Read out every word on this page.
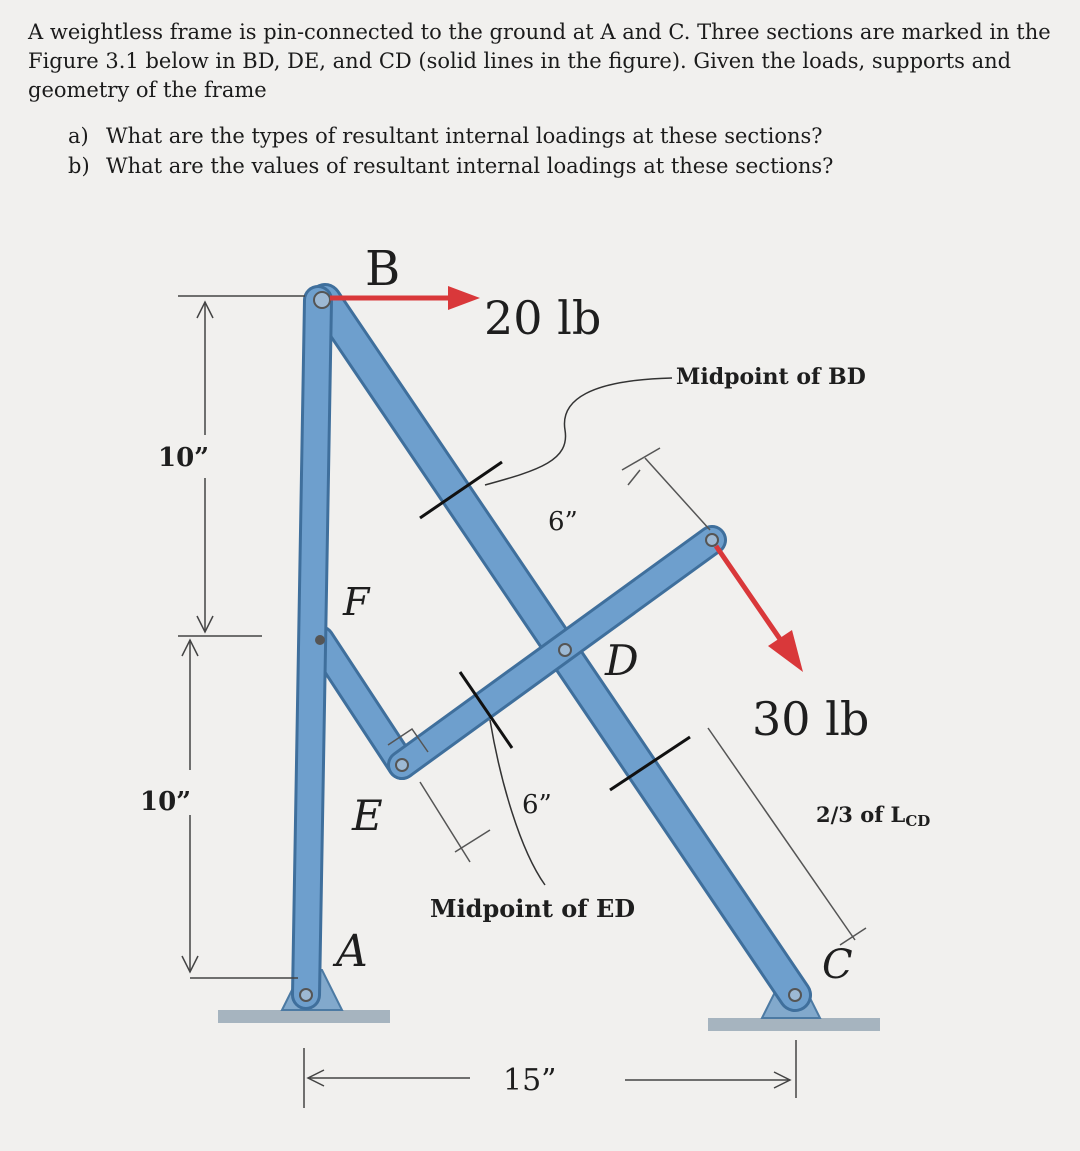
A weightless frame is pin-connected to the ground at A and C. Three sections are marked in the Figure 3.1 below in BD, DE, and CD (solid lines in the figure). Given the loads, supports and geometry of the frame

a) What are the types of resultant internal loadings at these sections?
b) What are the values of resultant internal loadings at these sections?
B
20 lb
Midpoint of BD
10”
6”
F
D
30 lb
10”	E	6”	2/3 of LCD
Midpoint of ED
A	C
15”
